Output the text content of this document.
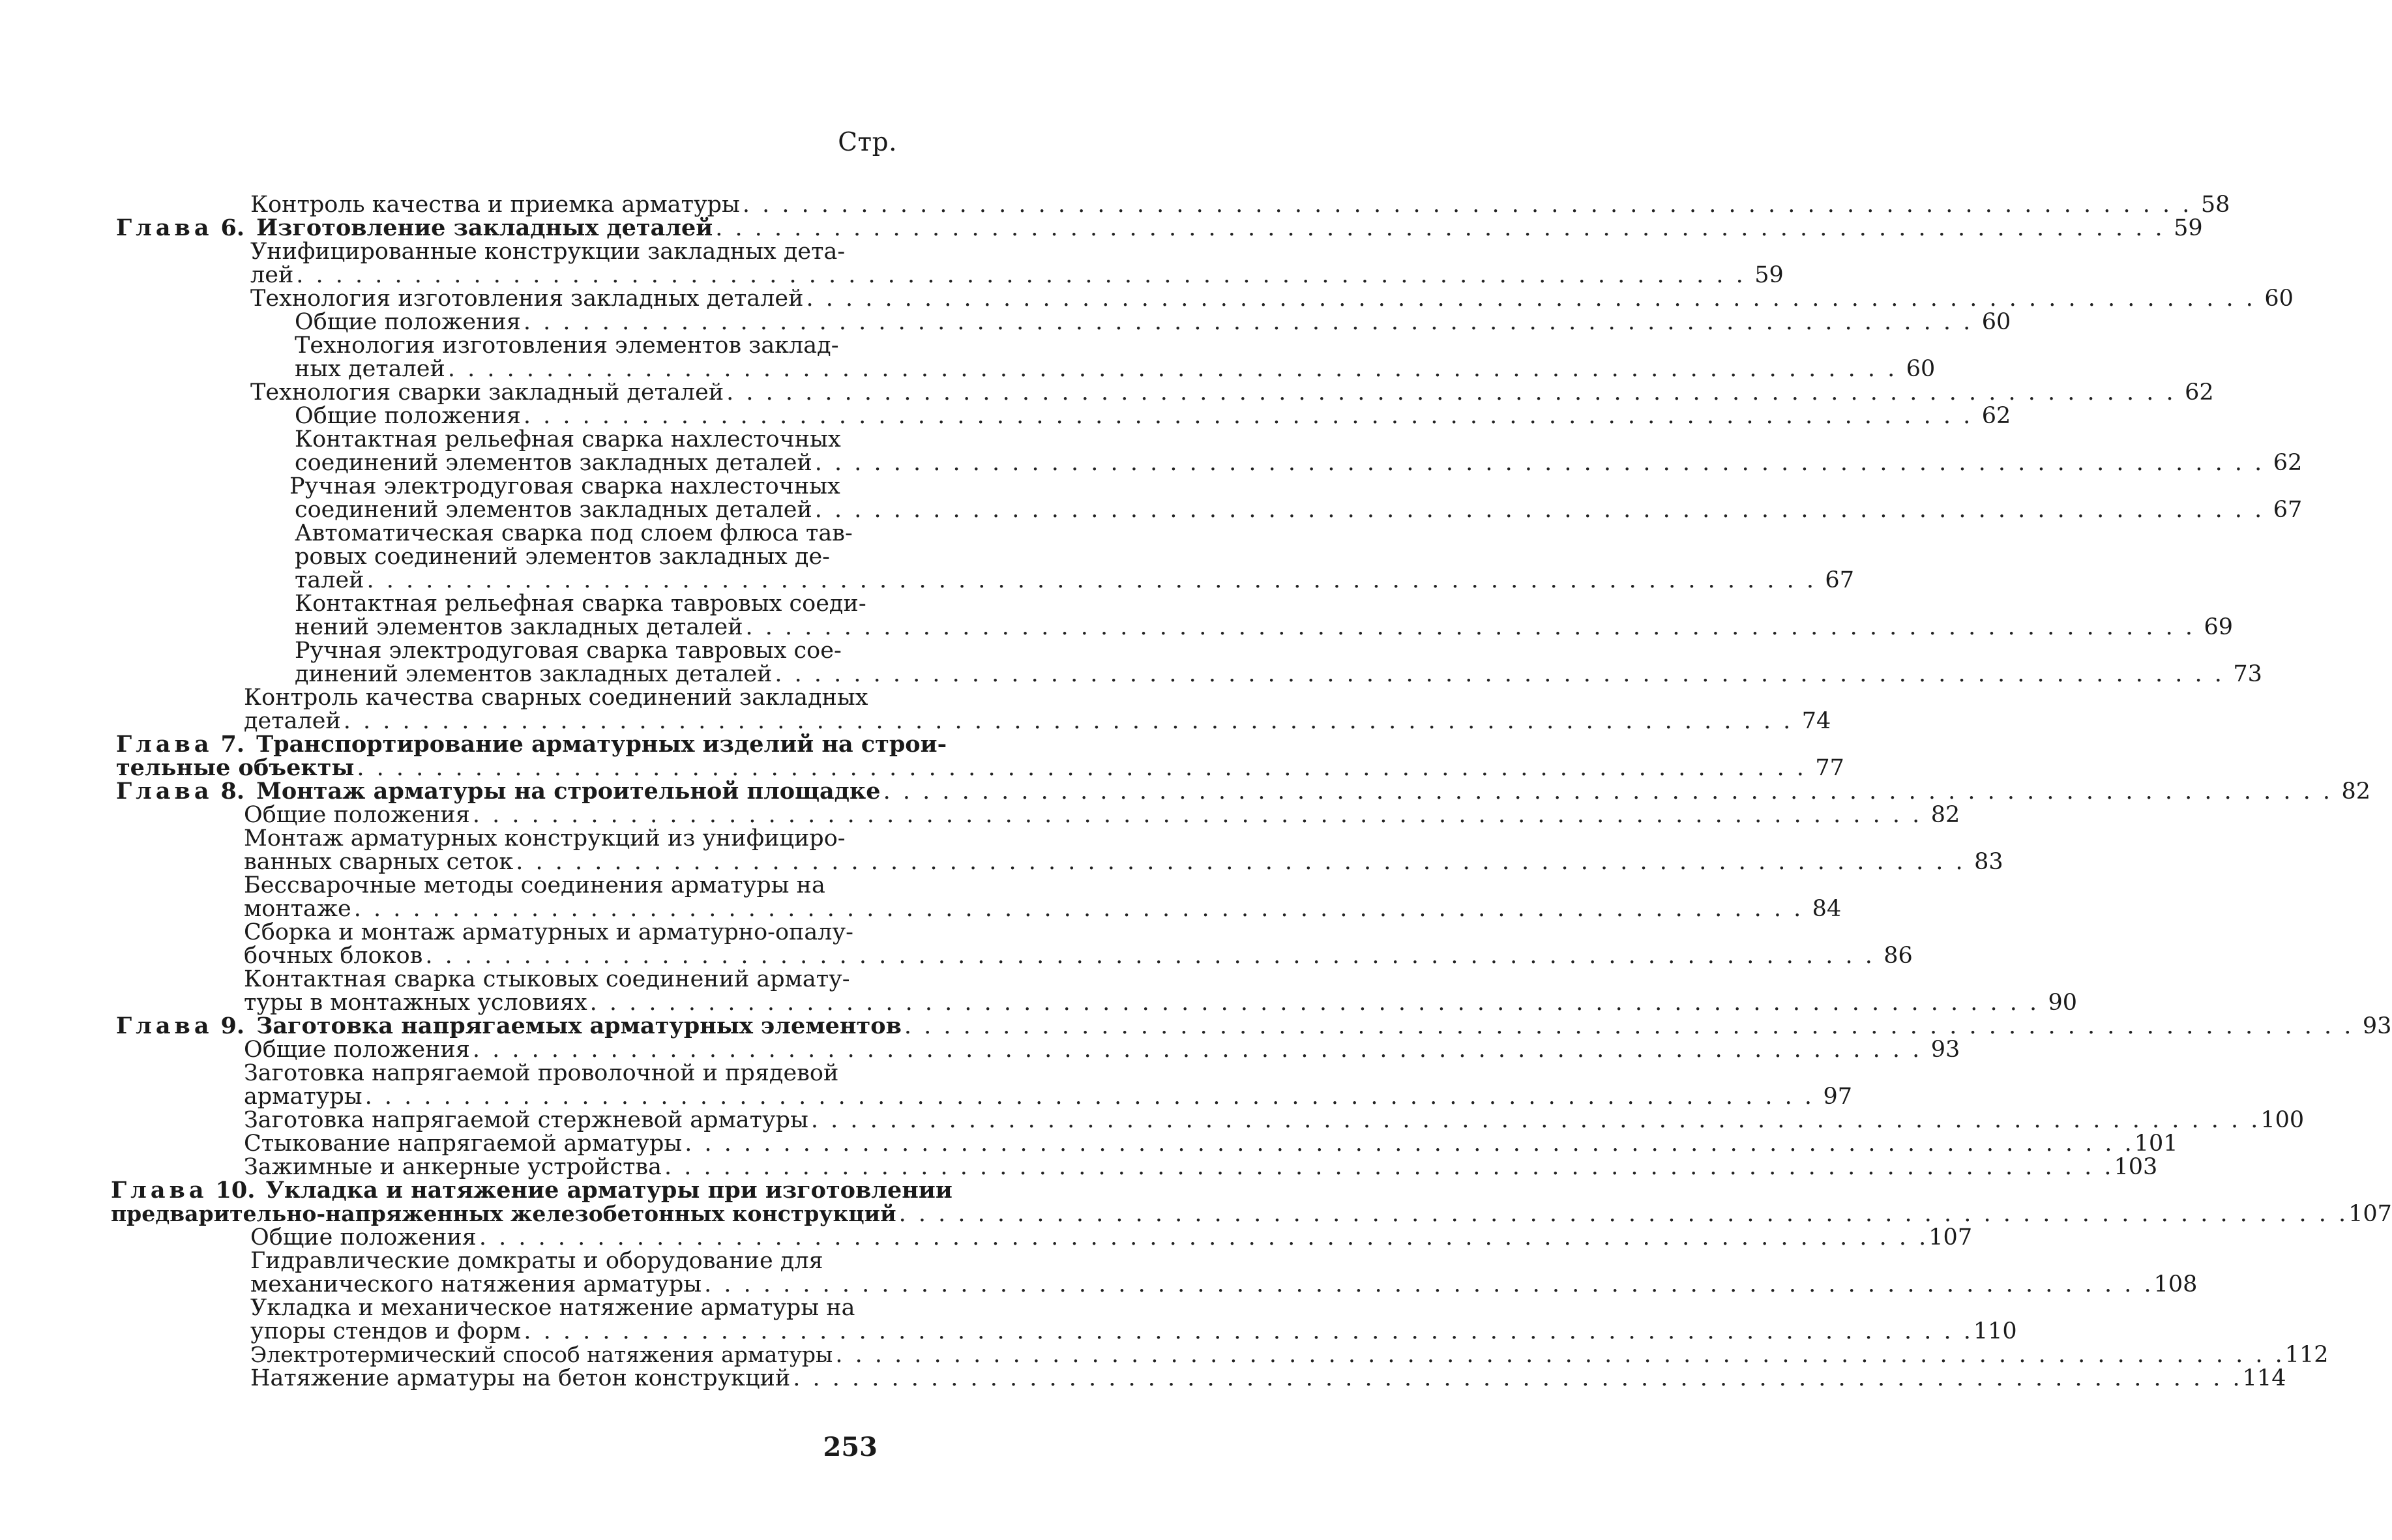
Стр.
Контроль качества и приемка арматуры . . .	58
Глава 6. Изготовление закладных деталей . . .	59
Унифицированные конструкции закладных дета-
лей . . .	59
Технология изготовления закладных деталей . . .	60
Общие положения . . .	60
Технология изготовления элементов заклад-
ных деталей . . .	60
Технология сварки закладный деталей . . .	62
Общие положения . . .	62
Контактная рельефная сварка нахлесточных
соединений элементов закладных деталей . . .	62
Ручная электродуговая сварка нахлесточных
соединений элементов закладных деталей . . .	67
Автоматическая сварка под слоем флюса тав-
ровых соединений элементов закладных де-
талей . . .	67
Контактная рельефная сварка тавровых соеди-
нений элементов закладных деталей . . .	69
Ручная электродуговая сварка тавровых сое-
динений элементов закладных деталей . . .	73
Контроль качества сварных соединений закладных
деталей . . .	74
Глава 7. Транспортирование арматурных изделий на строи-
тельные объекты . . .	77
Глава 8. Монтаж арматуры на строительной площадке . . .	82
Общие положения . . .	82
Монтаж арматурных конструкций из унифициро-
ванных сварных сеток . . .	83
Бессварочные методы соединения арматуры на
монтаже . . .	84
Сборка и монтаж арматурных и арматурно-опалу-
бочных блоков . . .	86
Контактная сварка стыковых соединений армату-
туры в монтажных условиях . . .	90
Глава 9. Заготовка напрягаемых арматурных элементов . . .	93
Общие положения . . .	93
Заготовка напрягаемой проволочной и прядевой
арматуры . . .	97
Заготовка напрягаемой стержневой арматуры . . .	100
Стыкование напрягаемой арматуры . . .	101
Зажимные и анкерные устройства . . .	103
Глава 10. Укладка и натяжение арматуры при изготовлении
предварительно-напряженных железобетонных конструкций . . .	107
Общие положения . . .	107
Гидравлические домкраты и оборудование для
механического натяжения арматуры . . .	108
Укладка и механическое натяжение арматуры на
упоры стендов и форм . . .	110
Электротермический способ натяжения арматуры . . .	112
Натяжение арматуры на бетон конструкций . . .	114
253
